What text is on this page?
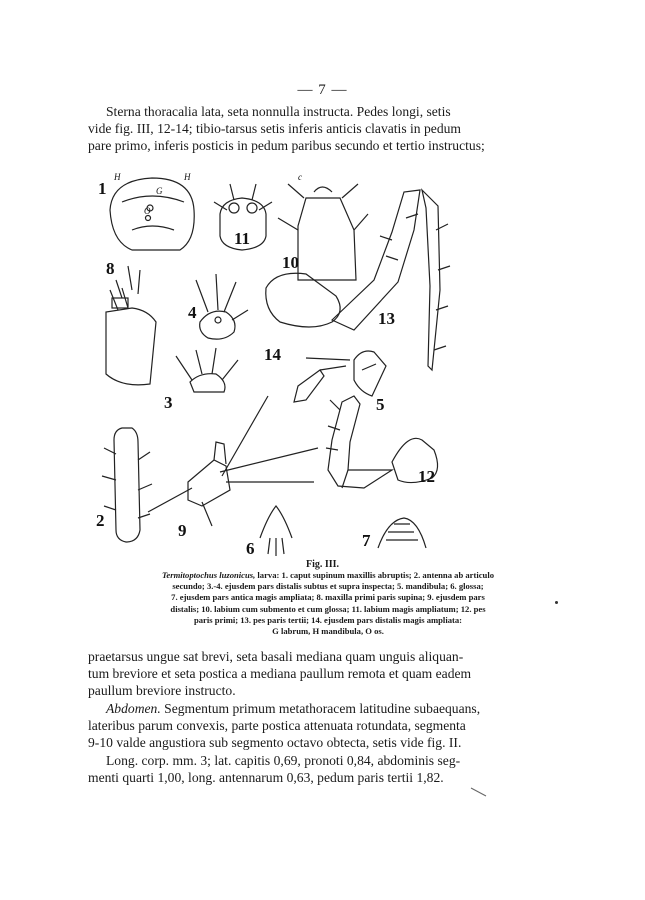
— 7 —
Sterna thoracalia lata, seta nonnulla instructa. Pedes longi, setis
vide fig. III, 12-14; tibio-tarsus setis inferis anticis clavatis in pedum
pare primo, inferis posticis in pedum paribus secundo et tertio instructus;
1
2
3
4
5
6	7
8
9
10
11
12
13
14
H
G
O
c
H
Fig. III.
Termitoptochus luzonicus, larva: 1. caput supinum maxillis abruptis; 2. antenna ab articulo
secundo; 3.-4. ejusdem pars distalis subtus et supra inspecta; 5. mandibula; 6. glossa;
7. ejusdem pars antica magis ampliata; 8. maxilla primi paris supina; 9. ejusdem pars
distalis; 10. labium cum submento et cum glossa; 11. labium magis ampliatum; 12. pes
paris primi; 13. pes paris tertii; 14. ejusdem pars distalis magis ampliata:
G labrum, H mandibula, O os.
praetarsus ungue sat brevi, seta basali mediana quam unguis aliquan-
tum breviore et seta postica a mediana paullum remota et quam eadem
paullum breviore instructo.
Abdomen. Segmentum primum metathoracem latitudine subaequans,
lateribus parum convexis, parte postica attenuata rotundata, segmenta
9-10 valde angustiora sub segmento octavo obtecta, setis vide fig. II.
Long. corp. mm. 3; lat. capitis 0,69, pronoti 0,84, abdominis seg-
menti quarti 1,00, long. antennarum 0,63, pedum paris tertii 1,82.
